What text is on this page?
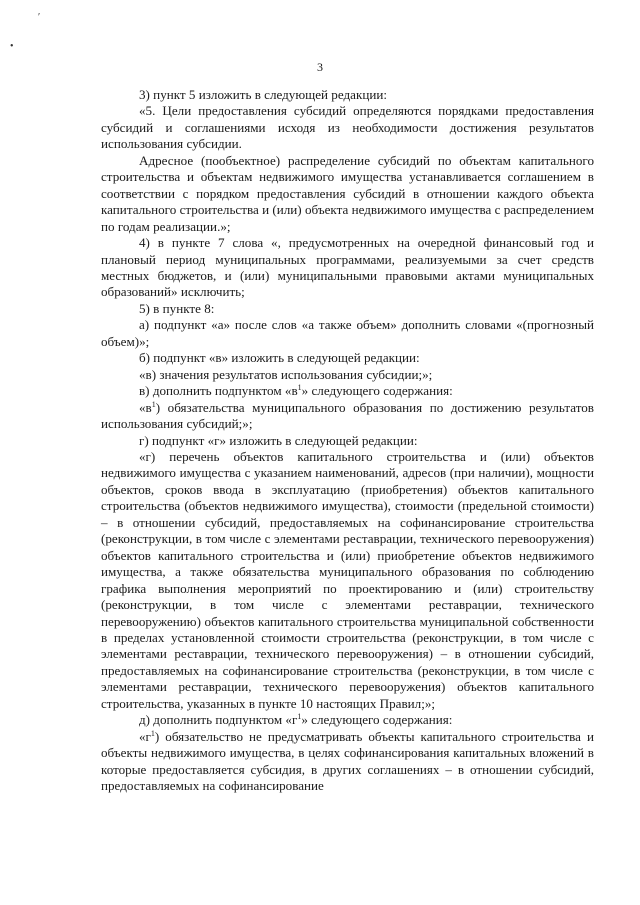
′
•
3

3) пункт 5 изложить в следующей редакции:

«5. Цели предоставления субсидий определяются порядками предоставления субсидий и соглашениями исходя из необходимости достижения результатов использования субсидии.

Адресное (пообъектное) распределение субсидий по объектам капитального строительства и объектам недвижимого имущества устанавливается соглашением в соответствии с порядком предоставления субсидий в отношении каждого объекта капитального строительства и (или) объекта недвижимого имущества с распределением по годам реализации.»;

4) в пункте 7 слова «, предусмотренных на очередной финансовый год и плановый период муниципальных программами, реализуемыми за счет средств местных бюджетов, и (или) муниципальными правовыми актами муниципальных образований» исключить;

5) в пункте 8:

а) подпункт «а» после слов «а также объем» дополнить словами «(прогнозный объем)»;

б) подпункт «в» изложить в следующей редакции:

«в) значения результатов использования субсидии;»;

в) дополнить подпунктом «$в^1$» следующего содержания:

«$в^1$) обязательства муниципального образования по достижению результатов использования субсидий;»;

г) подпункт «г» изложить в следующей редакции:

«г) перечень объектов капитального строительства и (или) объектов недвижимого имущества с указанием наименований, адресов (при наличии), мощности объектов, сроков ввода в эксплуатацию (приобретения) объектов капитального строительства (объектов недвижимого имущества), стоимости (предельной стоимости) – в отношении субсидий, предоставляемых на софинансирование строительства (реконструкции, в том числе с элементами реставрации, технического перевооружения) объектов капитального строительства и (или) приобретение объектов недвижимого имущества, а также обязательства муниципального образования по соблюдению графика выполнения мероприятий по проектированию и (или) строительству (реконструкции, в том числе с элементами реставрации, технического перевооружению) объектов капитального строительства муниципальной собственности в пределах установленной стоимости строительства (реконструкции, в том числе с элементами реставрации, технического перевооружения) – в отношении субсидий, предоставляемых на софинансирование строительства (реконструкции, в том числе с элементами реставрации, технического перевооружения) объектов капитального строительства, указанных в пункте 10 настоящих Правил;»;

д) дополнить подпунктом «$г^1$» следующего содержания:

«$г^1$) обязательство не предусматривать объекты капитального строительства и объекты недвижимого имущества, в целях софинансирования капитальных вложений в которые предоставляется субсидия, в других соглашениях – в отношении субсидий, предоставляемых на софинансирование
